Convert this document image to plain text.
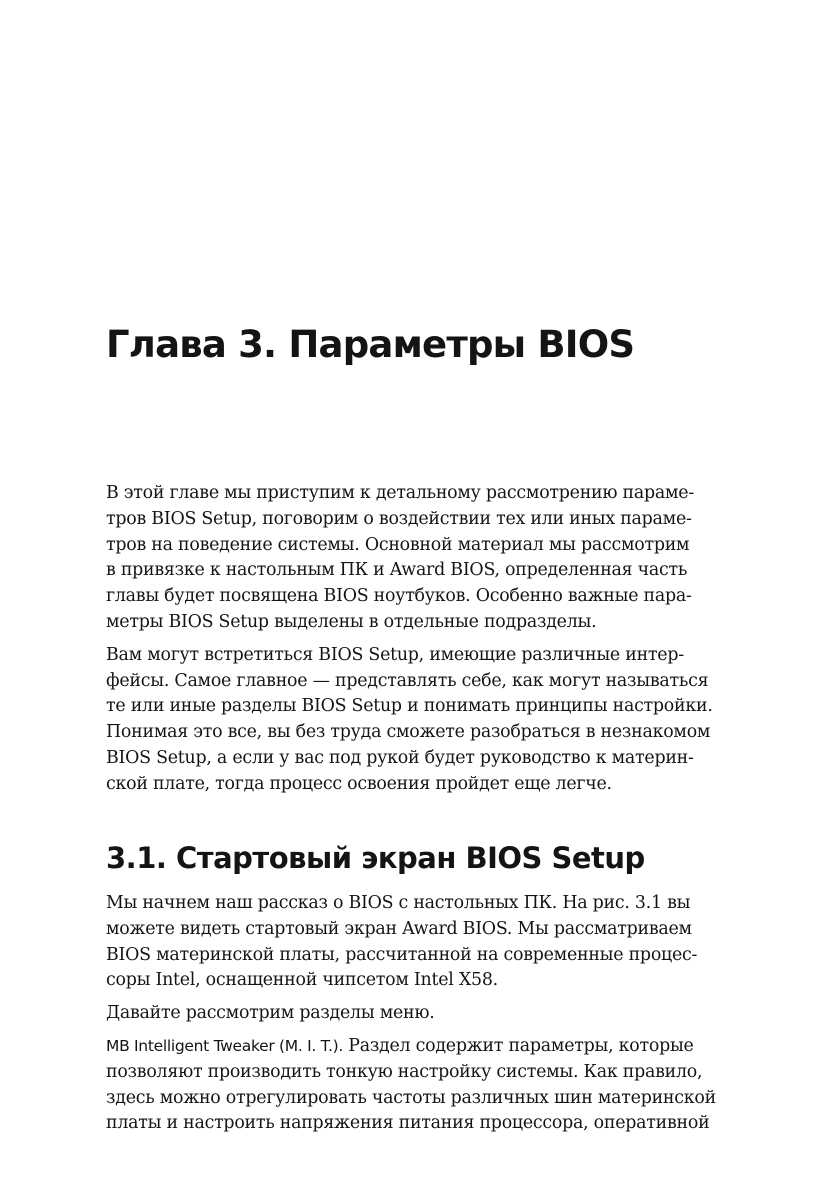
Глава 3. Параметры BIOS

В этой главе мы приступим к детальному рассмотрению параме-
тров BIOS Setup, поговорим о воздействии тех или иных параме-
тров на поведение системы. Основной материал мы рассмотрим
в привязке к настольным ПК и Award BIOS, определенная часть
главы будет посвящена BIOS ноутбуков. Особенно важные пара-
метры BIOS Setup выделены в отдельные подразделы.

Вам могут встретиться BIOS Setup, имеющие различные интер-
фейсы. Самое главное — представлять себе, как могут называться
те или иные разделы BIOS Setup и понимать принципы настройки.
Понимая это все, вы без труда сможете разобраться в незнакомом
BIOS Setup, а если у вас под рукой будет руководство к материн-
ской плате, тогда процесс освоения пройдет еще легче.

3.1. Стартовый экран BIOS Setup

Мы начнем наш рассказ о BIOS с настольных ПК. На рис. 3.1 вы
можете видеть стартовый экран Award BIOS. Мы рассматриваем
BIOS материнской платы, рассчитанной на современные процес-
соры Intel, оснащенной чипсетом Intel X58.

Давайте рассмотрим разделы меню.

MB Intelligent Tweaker (M. I. T.). Раздел содержит параметры, которые
позволяют производить тонкую настройку системы. Как правило,
здесь можно отрегулировать частоты различных шин материнской
платы и настроить напряжения питания процессора, оперативной
